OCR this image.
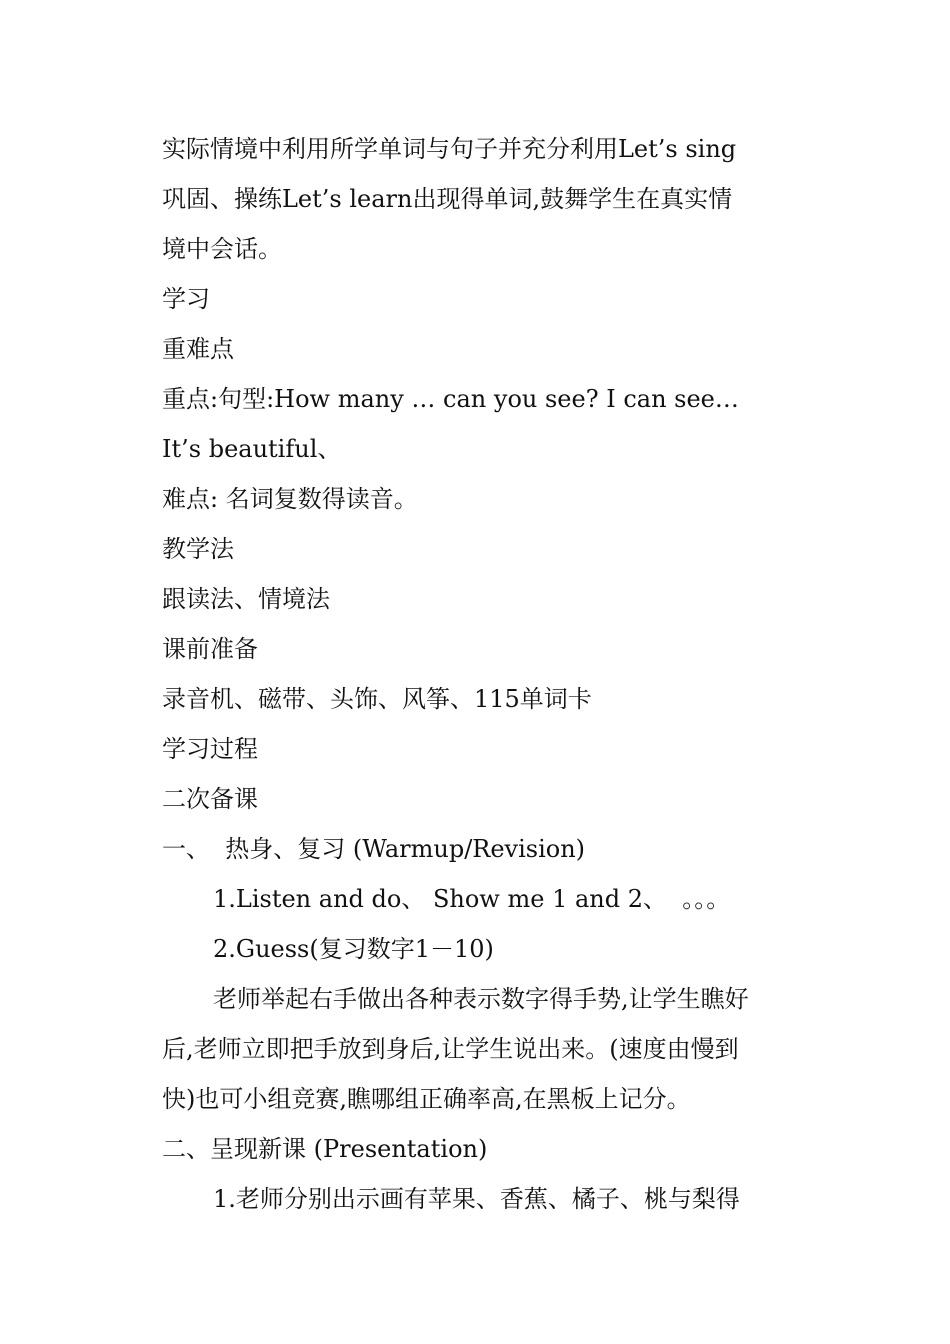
实际情境中利用所学单词与句子并充分利用Let’s sing
巩固、操练Let’s learn出现得单词,鼓舞学生在真实情
境中会话。
学习
重难点
重点:句型:How many … can you see? I can see…
It’s beautiful、
难点: 名词复数得读音。
教学法
跟读法、情境法
课前准备
录音机、磁带、头饰、风筝、115单词卡
学习过程
二次备课
一、  热身、复习 (Warmup/Revision)
1.Listen and do、 Show me 1 and 2、  。。。
2.Guess(复习数字1－10)
老师举起右手做出各种表示数字得手势,让学生瞧好
后,老师立即把手放到身后,让学生说出来。(速度由慢到
快)也可小组竞赛,瞧哪组正确率高,在黑板上记分。
二、呈现新课 (Presentation)
1.老师分别出示画有苹果、香蕉、橘子、桃与梨得
